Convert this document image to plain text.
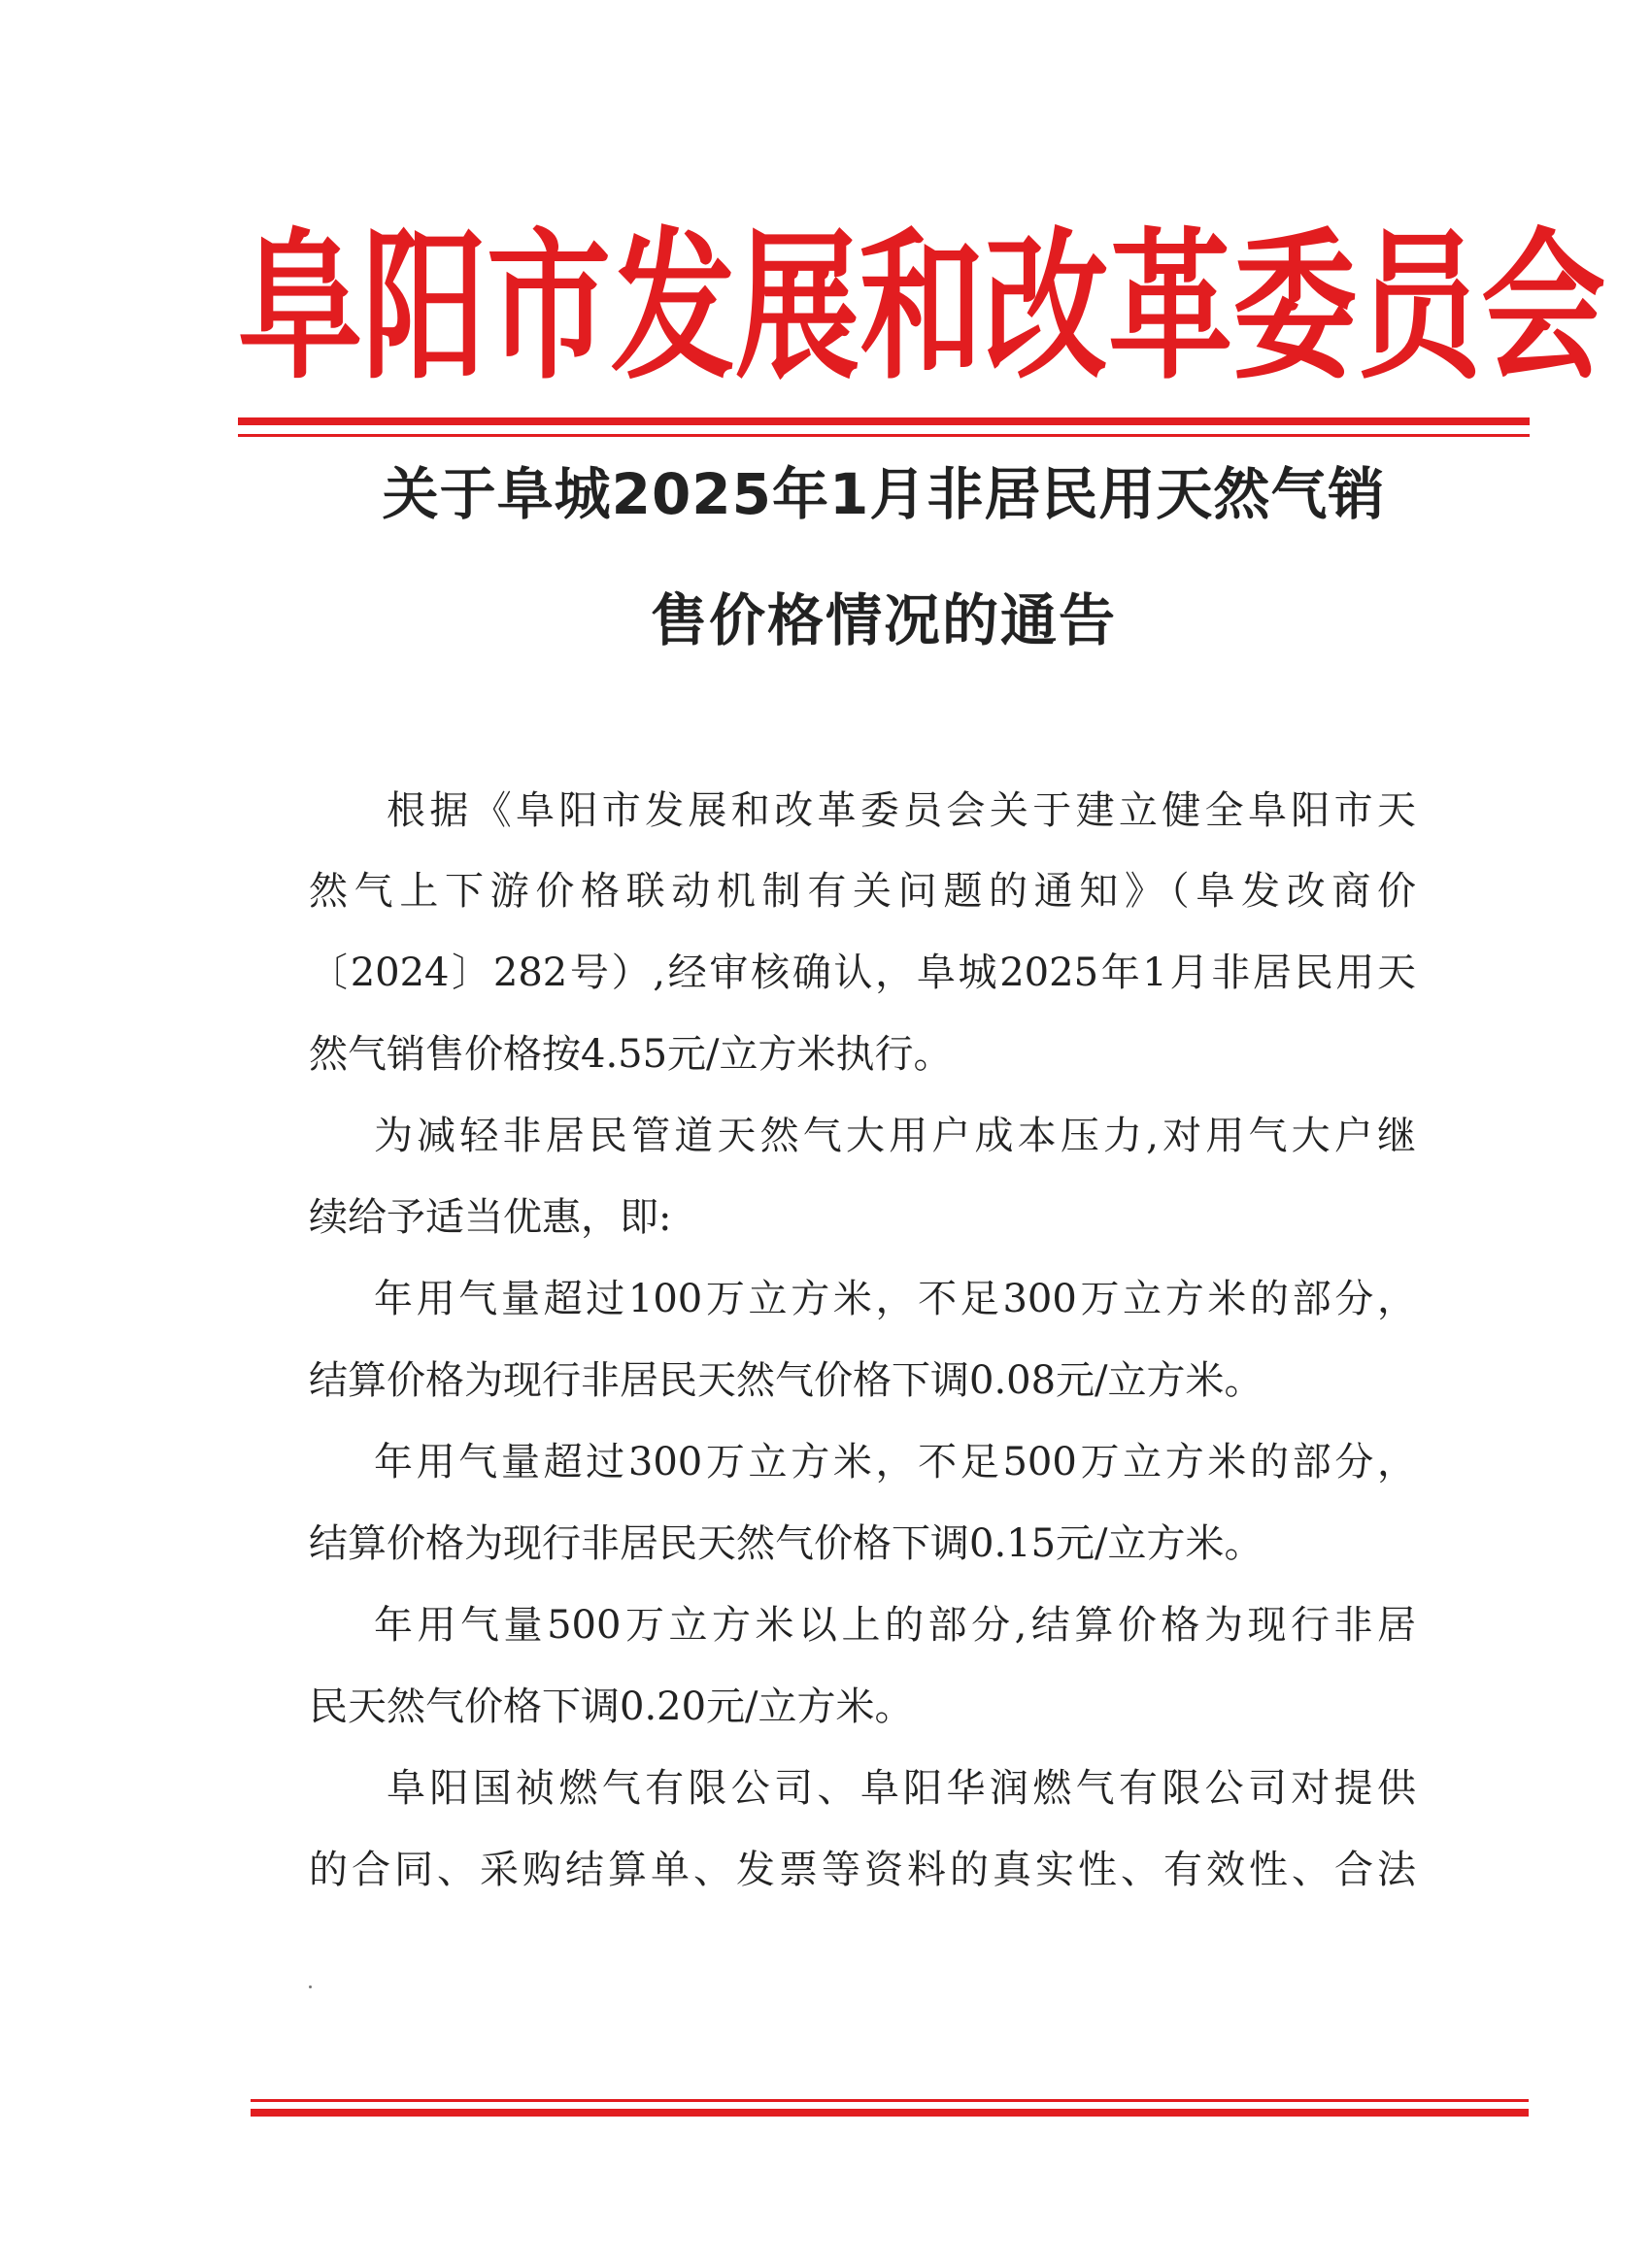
阜 阳 市 发 展 和 改 革 委 员 会
关于阜城2025年1月非居民用天然气销
售价格情况的通告
根据《阜阳市发展和改革委员会关于建立健全阜阳市天
然气上下游价格联动机制有关问题的通知》（阜发改商价
〔2024〕282号）,经审核确认，阜城2025年1月非居民用天
然气销售价格按4.55元/立方米执行。
为减轻非居民管道天然气大用户成本压力,对用气大户继
续给予适当优惠，即:
年用气量超过100万立方米，不足300万立方米的部分，
结算价格为现行非居民天然气价格下调0.08元/立方米。
年用气量超过300万立方米，不足500万立方米的部分，
结算价格为现行非居民天然气价格下调0.15元/立方米。
年用气量500万立方米以上的部分,结算价格为现行非居
民天然气价格下调0.20元/立方米。
阜阳国祯燃气有限公司、阜阳华润燃气有限公司对提供
的合同、采购结算单、发票等资料的真实性、有效性、合法
